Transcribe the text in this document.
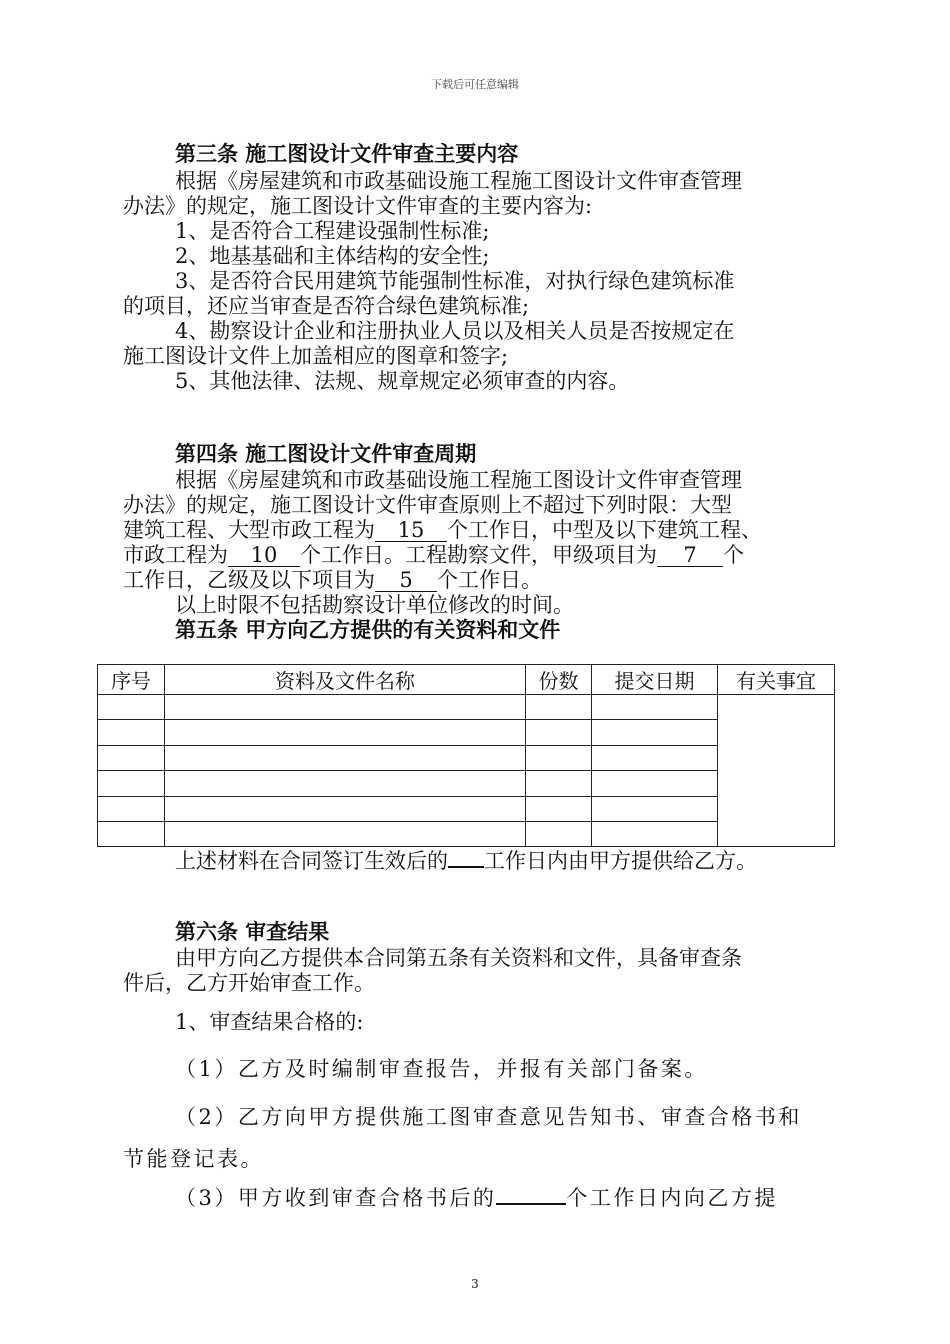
下载后可任意编辑
第三条 施工图设计文件审查主要内容
根据《房屋建筑和市政基础设施工程施工图设计文件审查管理
办法》的规定，施工图设计文件审查的主要内容为:
1、是否符合工程建设强制性标准;
2、地基基础和主体结构的安全性;
3、是否符合民用建筑节能强制性标准，对执行绿色建筑标准
的项目，还应当审查是否符合绿色建筑标准;
4、勘察设计企业和注册执业人员以及相关人员是否按规定在
施工图设计文件上加盖相应的图章和签字;
5、其他法律、法规、规章规定必须审查的内容。
第四条 施工图设计文件审查周期
根据《房屋建筑和市政基础设施工程施工图设计文件审查管理
办法》的规定，施工图设计文件审查原则上不超过下列时限：大型
建筑工程、大型市政工程为 15 个工作日，中型及以下建筑工程、
市政工程为 10 个工作日。工程勘察文件，甲级项目为 7 个
工作日，乙级及以下项目为 5 个工作日。
以上时限不包括勘察设计单位修改的时间。
第五条 甲方向乙方提供的有关资料和文件
序号	资料及文件名称	份数	提交日期	有关事宜

上述材料在合同签订生效后的 工作日内由甲方提供给乙方。
第六条 审查结果
由甲方向乙方提供本合同第五条有关资料和文件，具备审查条
件后，乙方开始审查工作。
1、审查结果合格的:
（1）乙方及时编制审查报告，并报有关部门备案。
（2）乙方向甲方提供施工图审查意见告知书、审查合格书和
节能登记表。
（3）甲方收到审查合格书后的	个工作日内向乙方提
3
